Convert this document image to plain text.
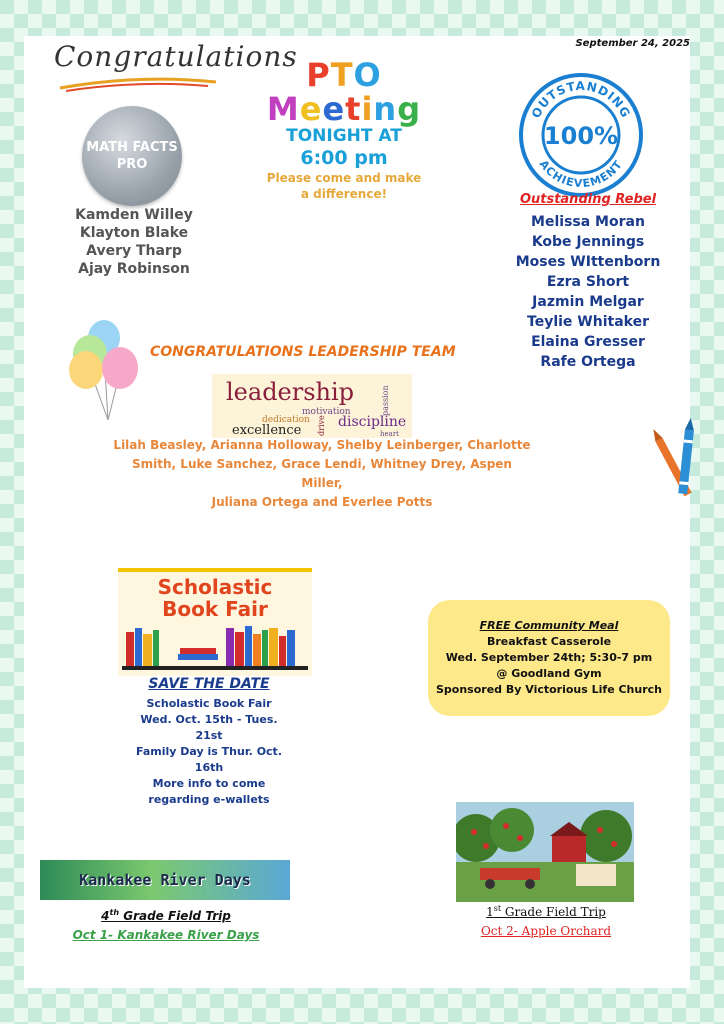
September 24, 2025
Congratulations
MATH FACTS
PRO
Kamden Willey
Klayton Blake
Avery Tharp
Ajay Robinson
PTO
Meeting
TONIGHT AT
6:00 pm
Please come and make
a difference!
OUTSTANDING
ACHIEVEMENT
100%
Outstanding Rebel
Melissa Moran
Kobe Jennings
Moses WIttenborn
Ezra Short
Jazmin Melgar
Teylie Whitaker
Elaina Gresser
Rafe Ortega
CONGRATULATIONS LEADERSHIP TEAM
leadership
motivation
dedication discipline
excellence drive
passion
heart
Lilah Beasley, Arianna Holloway, Shelby Leinberger, Charlotte
Smith, Luke Sanchez, Grace Lendi, Whitney Drey, Aspen Miller,
Juliana Ortega and Everlee Potts
Scholastic
Book Fair
SAVE THE DATE
Scholastic Book Fair
Wed. Oct. 15th - Tues.
21st
Family Day is Thur. Oct.
16th
More info to come
regarding e-wallets
FREE Community Meal
Breakfast Casserole
Wed. September 24th; 5:30-7 pm
@ Goodland Gym
Sponsored By Victorious Life Church
1st Grade Field Trip
Oct 2- Apple Orchard
Kankakee River Days
4th Grade Field Trip
Oct 1- Kankakee River Days
